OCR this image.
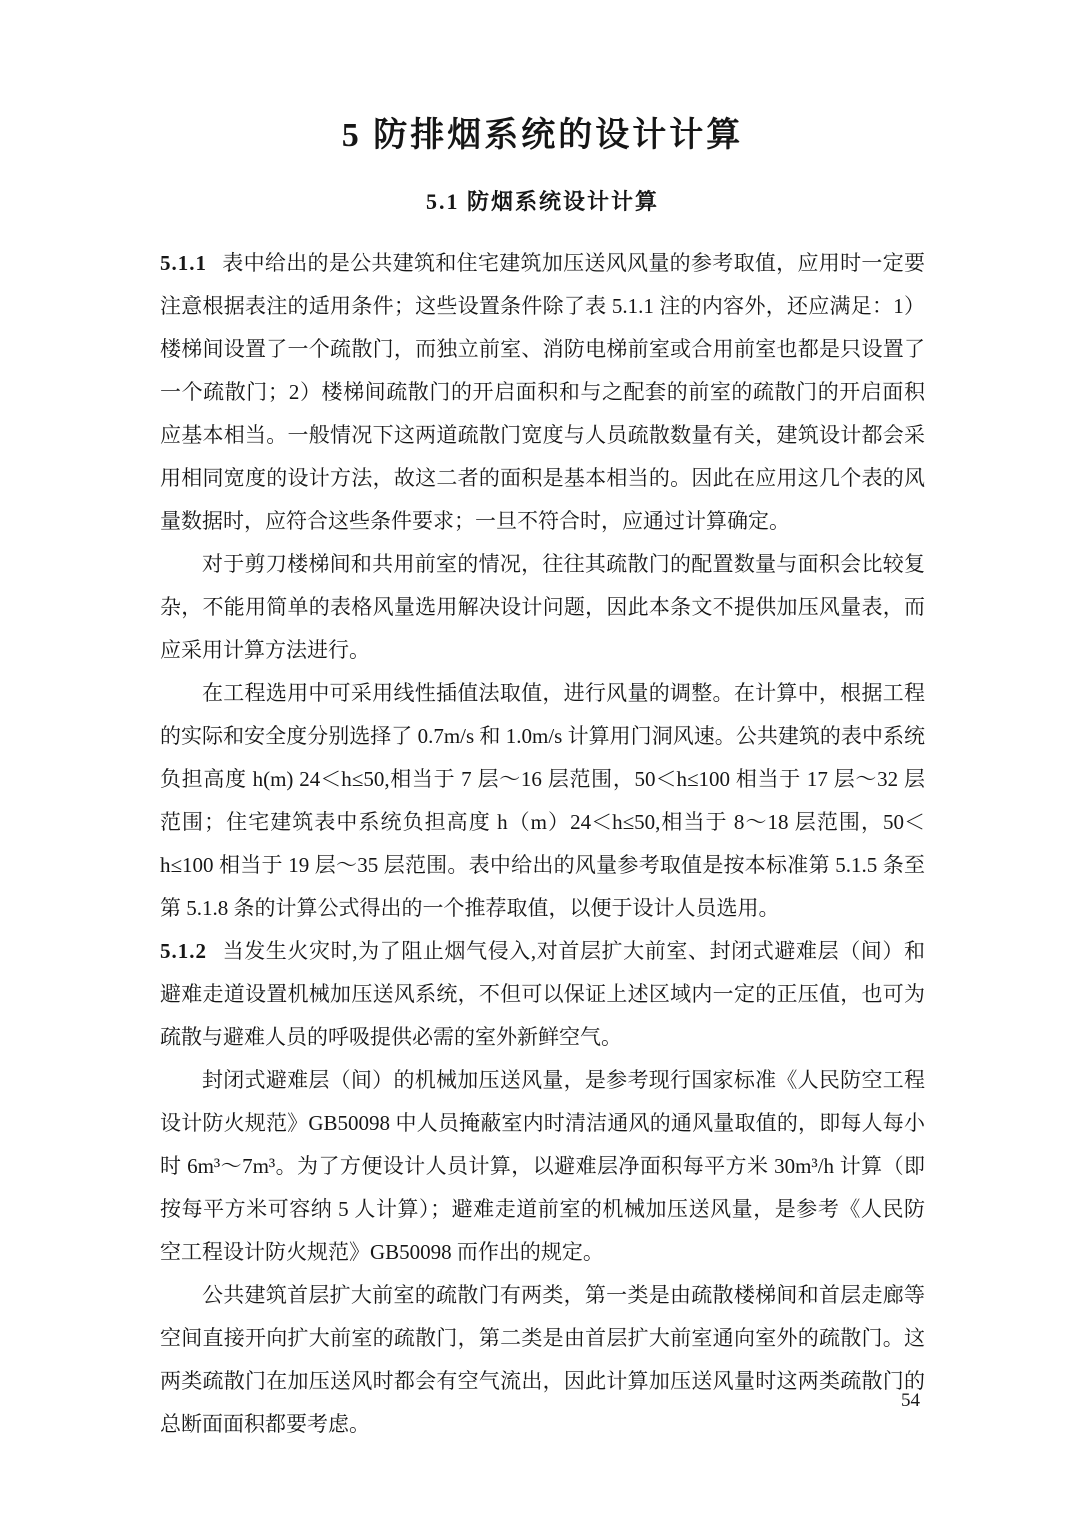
5 防排烟系统的设计计算
5.1 防烟系统设计计算
5.1.1 表中给出的是公共建筑和住宅建筑加压送风风量的参考取值，应用时一定要注意根据表注的适用条件；这些设置条件除了表 5.1.1 注的内容外，还应满足：1）楼梯间设置了一个疏散门，而独立前室、消防电梯前室或合用前室也都是只设置了一个疏散门；2）楼梯间疏散门的开启面积和与之配套的前室的疏散门的开启面积应基本相当。一般情况下这两道疏散门宽度与人员疏散数量有关，建筑设计都会采用相同宽度的设计方法，故这二者的面积是基本相当的。因此在应用这几个表的风量数据时，应符合这些条件要求；一旦不符合时，应通过计算确定。
对于剪刀楼梯间和共用前室的情况，往往其疏散门的配置数量与面积会比较复杂，不能用简单的表格风量选用解决设计问题，因此本条文不提供加压风量表，而应采用计算方法进行。
在工程选用中可采用线性插值法取值，进行风量的调整。在计算中，根据工程的实际和安全度分别选择了 0.7m/s 和 1.0m/s 计算用门洞风速。公共建筑的表中系统负担高度 h(m) 24＜h≤50,相当于 7 层～16 层范围，50＜h≤100 相当于 17 层～32 层范围；住宅建筑表中系统负担高度 h（m）24＜h≤50,相当于 8～18 层范围，50＜h≤100 相当于 19 层～35 层范围。表中给出的风量参考取值是按本标准第 5.1.5 条至第 5.1.8 条的计算公式得出的一个推荐取值，以便于设计人员选用。
5.1.2 当发生火灾时,为了阻止烟气侵入,对首层扩大前室、封闭式避难层（间）和避难走道设置机械加压送风系统，不但可以保证上述区域内一定的正压值，也可为疏散与避难人员的呼吸提供必需的室外新鲜空气。
封闭式避难层（间）的机械加压送风量，是参考现行国家标准《人民防空工程设计防火规范》GB50098 中人员掩蔽室内时清洁通风的通风量取值的，即每人每小时 6m³～7m³。为了方便设计人员计算，以避难层净面积每平方米 30m³/h 计算（即按每平方米可容纳 5 人计算）；避难走道前室的机械加压送风量，是参考《人民防空工程设计防火规范》GB50098 而作出的规定。
公共建筑首层扩大前室的疏散门有两类，第一类是由疏散楼梯间和首层走廊等空间直接开向扩大前室的疏散门，第二类是由首层扩大前室通向室外的疏散门。这两类疏散门在加压送风时都会有空气流出，因此计算加压送风量时这两类疏散门的总断面面积都要考虑。
54
